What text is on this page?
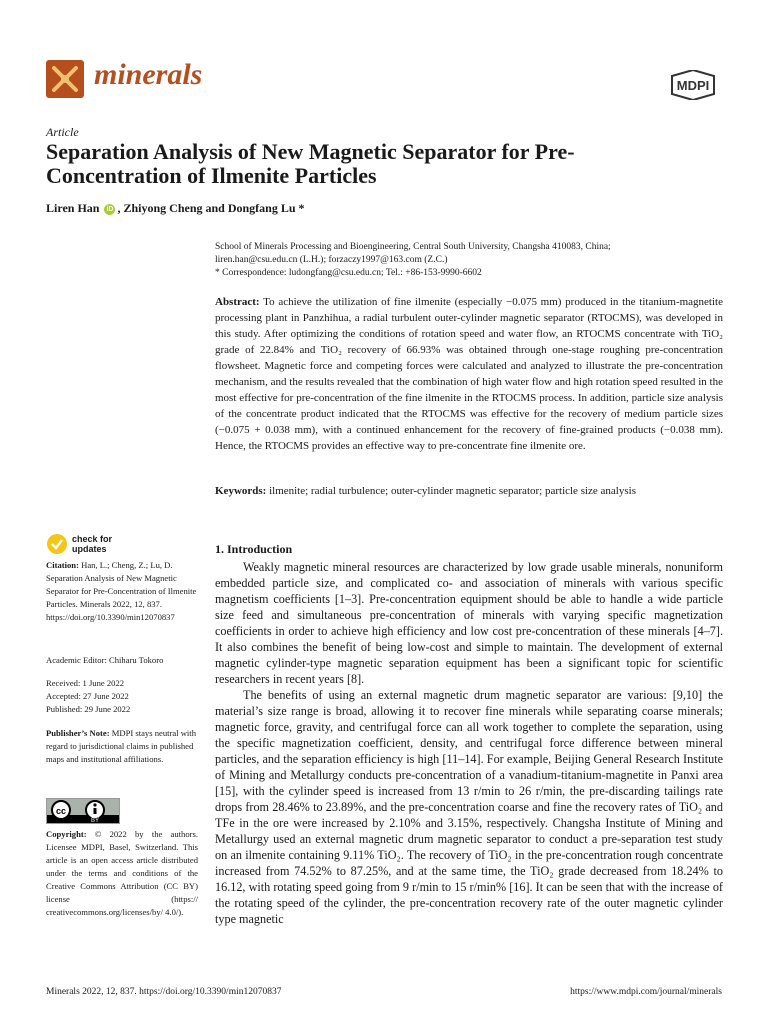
minerals	MDPI
Article
Separation Analysis of New Magnetic Separator for Pre-Concentration of Ilmenite Particles
Liren Han iD , Zhiyong Cheng and Dongfang Lu *
School of Minerals Processing and Bioengineering, Central South University, Changsha 410083, China;
liren.han@csu.edu.cn (L.H.); forzaczy1997@163.com (Z.C.)
* Correspondence: ludongfang@csu.edu.cn; Tel.: +86-153-9990-6602
Abstract: To achieve the utilization of fine ilmenite (especially −0.075 mm) produced in the titanium-magnetite processing plant in Panzhihua, a radial turbulent outer-cylinder magnetic separator (RTOCMS), was developed in this study. After optimizing the conditions of rotation speed and water flow, an RTOCMS concentrate with TiO₂ grade of 22.84% and TiO₂ recovery of 66.93% was obtained through one-stage roughing pre-concentration flowsheet. Magnetic force and competing forces were calculated and analyzed to illustrate the pre-concentration mechanism, and the results revealed that the combination of high water flow and high rotation speed resulted in the most effective for pre-concentration of the fine ilmenite in the RTOCMS process. In addition, particle size analysis of the concentrate product indicated that the RTOCMS was effective for the recovery of medium particle sizes (−0.075 + 0.038 mm), with a continued enhancement for the recovery of fine-grained products (−0.038 mm). Hence, the RTOCMS provides an effective way to pre-concentrate fine ilmenite ore.
Keywords: ilmenite; radial turbulence; outer-cylinder magnetic separator; particle size analysis
check for updates
Citation: Han, L.; Cheng, Z.; Lu, D. Separation Analysis of New Magnetic Separator for Pre-Concentration of Ilmenite Particles. Minerals 2022, 12, 837. https://doi.org/10.3390/min12070837
Academic Editor: Chiharu Tokoro
Received: 1 June 2022
Accepted: 27 June 2022
Published: 29 June 2022
Publisher’s Note: MDPI stays neutral with regard to jurisdictional claims in published maps and institutional affiliations.
cc
BY
Copyright: © 2022 by the authors. Licensee MDPI, Basel, Switzerland. This article is an open access article distributed under the terms and conditions of the Creative Commons Attribution (CC BY) license (https:// creativecommons.org/licenses/by/ 4.0/).
1. Introduction

Weakly magnetic mineral resources are characterized by low grade usable minerals, nonuniform embedded particle size, and complicated co- and association of minerals with various specific magnetism coefficients [1–3]. Pre-concentration equipment should be able to handle a wide particle size feed and simultaneous pre-concentration of minerals with varying specific magnetization coefficients in order to achieve high efficiency and low cost pre-concentration of these minerals [4–7]. It also combines the benefit of being low-cost and simple to maintain. The development of external magnetic cylinder-type magnetic separation equipment has been a significant topic for scientific researchers in recent years [8].

The benefits of using an external magnetic drum magnetic separator are various: [9,10] the material’s size range is broad, allowing it to recover fine minerals while separating coarse minerals; magnetic force, gravity, and centrifugal force can all work together to complete the separation, using the specific magnetization coefficient, density, and centrifugal force difference between mineral particles, and the separation efficiency is high [11–14]. For example, Beijing General Research Institute of Mining and Metallurgy conducts pre-concentration of a vanadium-titanium-magnetite in Panxi area [15], with the cylinder speed is increased from 13 r/min to 26 r/min, the pre-discarding tailings rate drops from 28.46% to 23.89%, and the pre-concentration coarse and fine the recovery rates of TiO₂ and TFe in the ore were increased by 2.10% and 3.15%, respectively. Changsha Institute of Mining and Metallurgy used an external magnetic drum magnetic separator to conduct a pre-separation test study on an ilmenite containing 9.11% TiO₂. The recovery of TiO₂ in the pre-concentration rough concentrate increased from 74.52% to 87.25%, and at the same time, the TiO₂ grade decreased from 18.24% to 16.12, with rotating speed going from 9 r/min to 15 r/min% [16]. It can be seen that with the increase of the rotating speed of the cylinder, the pre-concentration recovery rate of the outer magnetic cylinder type magnetic

Minerals 2022, 12, 837. https://doi.org/10.3390/min12070837	https://www.mdpi.com/journal/minerals
